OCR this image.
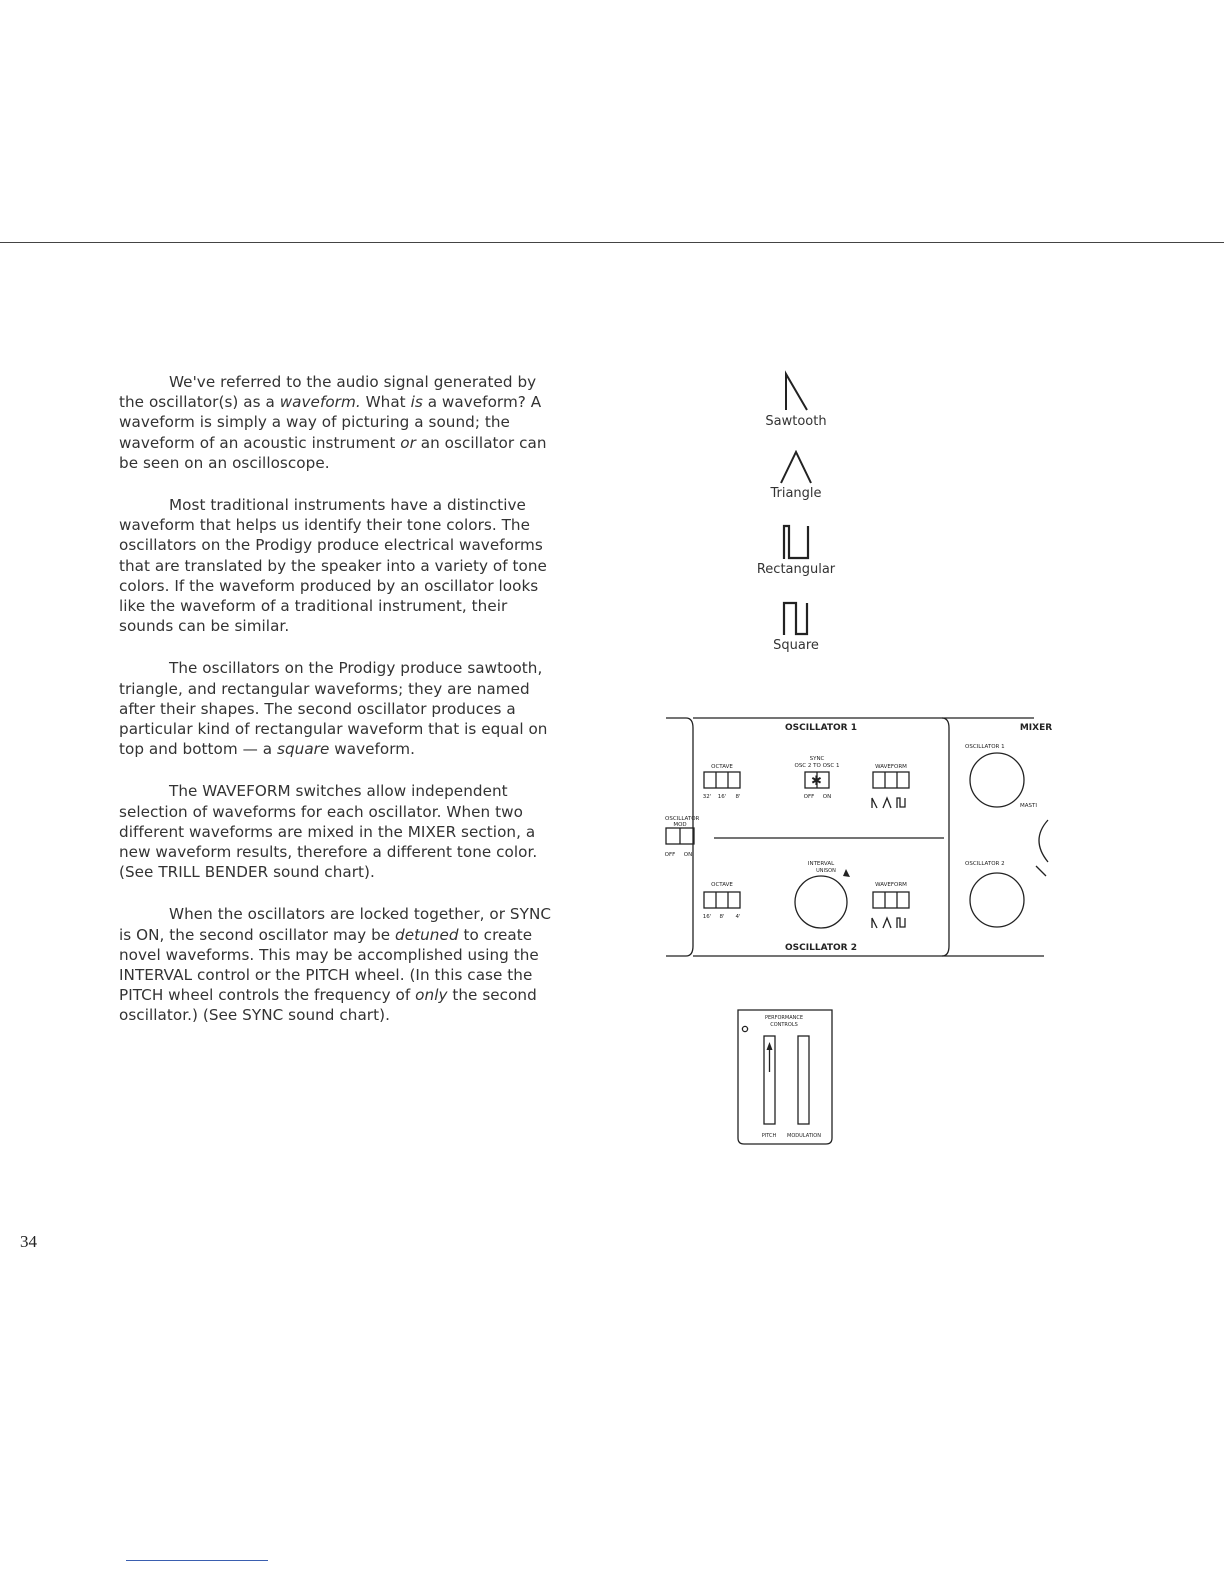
We've referred to the audio signal generated by the oscillator(s) as a waveform. What is a waveform? A waveform is simply a way of picturing a sound; the waveform of an acoustic instrument or an oscillator can be seen on an oscilloscope.

Most traditional instruments have a distinctive waveform that helps us identify their tone colors. The oscillators on the Prodigy produce electrical waveforms that are translated by the speaker into a variety of tone colors. If the waveform produced by an oscillator looks like the waveform of a traditional instrument, their sounds can be similar.

The oscillators on the Prodigy produce sawtooth, triangle, and rectangular waveforms; they are named after their shapes. The second oscillator produces a particular kind of rectangular waveform that is equal on top and bottom — a square waveform.

The WAVEFORM switches allow independent selection of waveforms for each oscillator. When two different waveforms are mixed in the MIXER section, a new waveform results, therefore a different tone color. (See TRILL BENDER sound chart).

When the oscillators are locked together, or SYNC is ON, the second oscillator may be detuned to create novel waveforms. This may be accomplished using the INTERVAL control or the PITCH wheel. (In this case the PITCH wheel controls the frequency of only the second oscillator.) (See SYNC sound chart).

Sawtooth
Triangle
Rectangular
Square
✱
OSCILLATOR 1
OSCILLATOR 2
MIXER
OCTAVE
32' 16' 8'
SYNC
OSC 2 TO OSC 1
OFF ON
WAVEFORM
OSCILLATOR
MOD
OFF ON
OCTAVE
16' 8' 4'
INTERVAL
UNISON
WAVEFORM
OSCILLATOR 1
OSCILLATOR 2
MASTI
PERFORMANCE
CONTROLS
PITCH MODULATION
34
